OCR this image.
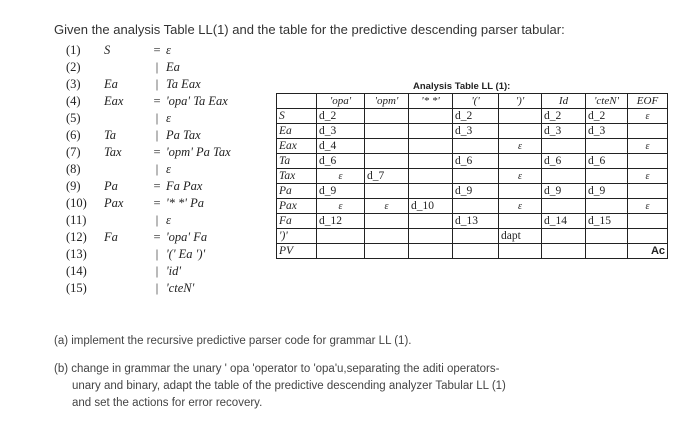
Given the analysis Table LL(1) and the table for the predictive descending parser tabular:
(1)	S	= ε
(2)	| Ea
(3)	Ea	| Ta Eax
(4)	Eax	= 'opa' Ta Eax
(5)	| ε
(6)	Ta	| Pa Tax
(7)	Tax	= 'opm' Pa Tax
(8)	| ε
(9)	Pa	= Fa Pax
(10)	Pax	= '* *' Pa
(11)	| ε
(12)	Fa	= 'opa' Fa
(13)	| '(' Ea ')'
(14)	| 'id'
(15)	| 'cteN'
Analysis Table LL (1):
	'opa'	'opm'	'* *'	'('	')'	Id	'cteN'	EOF
S	d_2			d_2		d_2	d_2	ε
Ea	d_3			d_3		d_3	d_3	
Eax	d_4				ε			ε
Ta	d_6			d_6		d_6	d_6	
Tax	ε	d_7			ε			ε
Pa	d_9			d_9		d_9	d_9	
Pax	ε	ε	d_10		ε			ε
Fa	d_12			d_13		d_14	d_15	
')'					dapt			
PV								Ac
(a) implement the recursive predictive parser code for grammar LL (1).
(b) change in grammar the unary ' opa 'operator to 'opa'u,separating the aditi operators-
unary and binary, adapt the table of the predictive descending analyzer Tabular LL (1)
and set the actions for error recovery.
